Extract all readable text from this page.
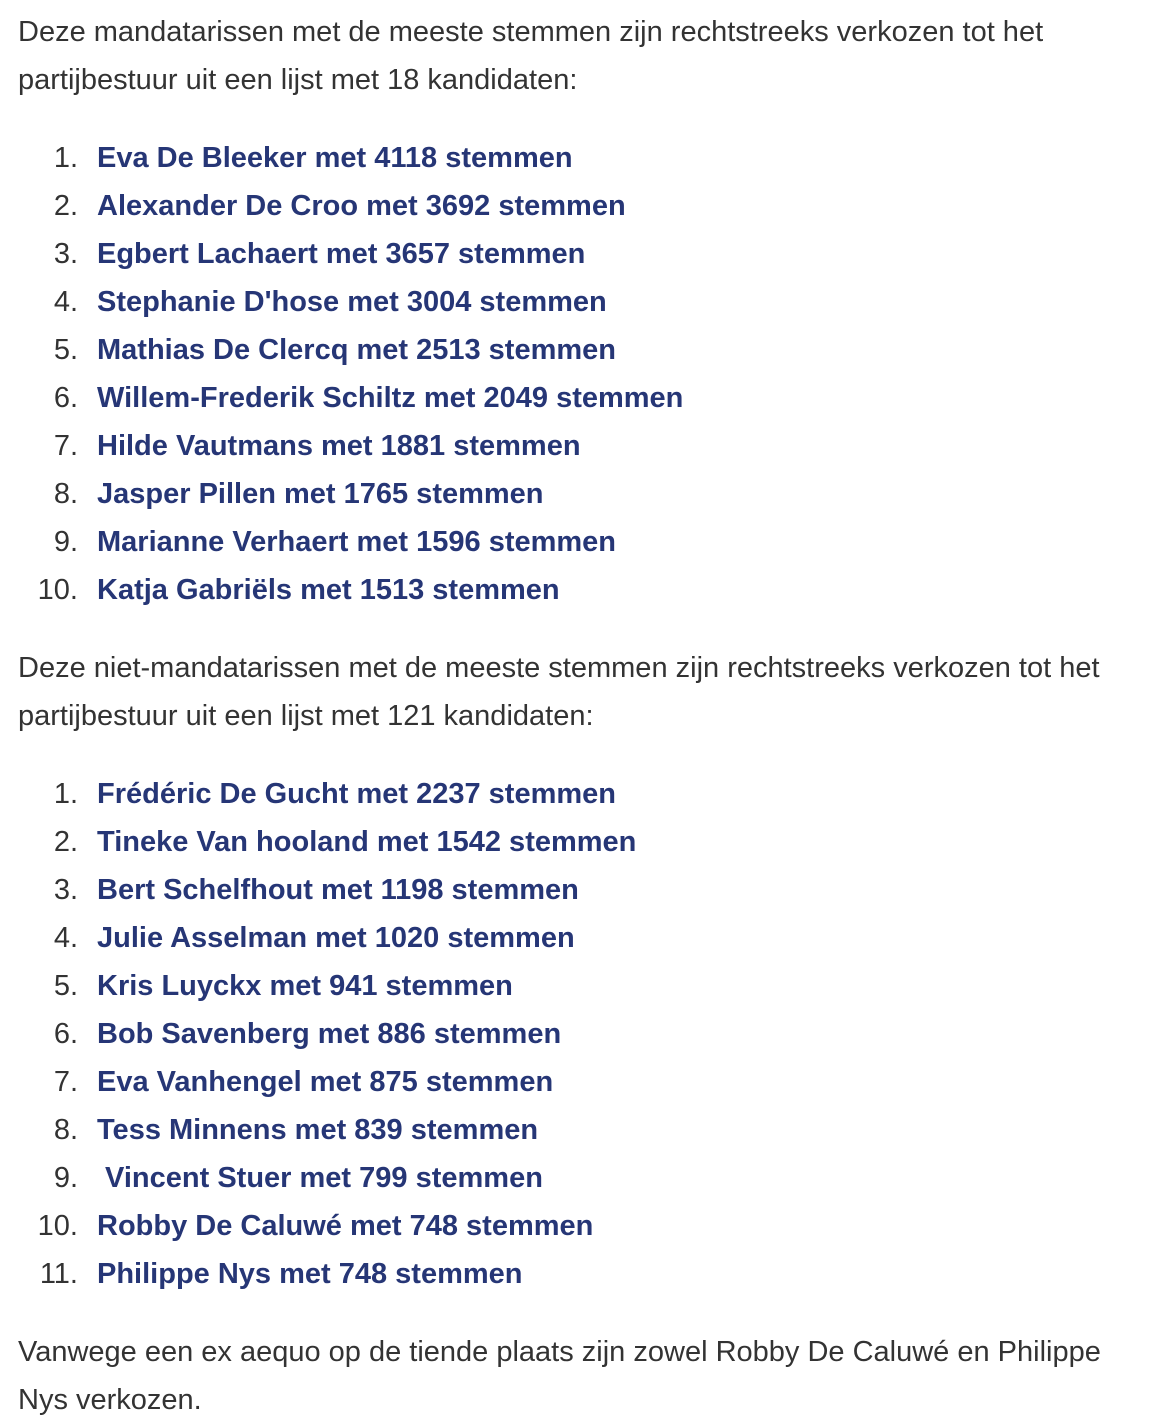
Deze mandatarissen met de meeste stemmen zijn rechtstreeks verkozen tot het partijbestuur uit een lijst met 18 kandidaten:

1. Eva De Bleeker met 4118 stemmen
2. Alexander De Croo met 3692 stemmen
3. Egbert Lachaert met 3657 stemmen
4. Stephanie D'hose met 3004 stemmen
5. Mathias De Clercq met 2513 stemmen
6. Willem-Frederik Schiltz met 2049 stemmen
7. Hilde Vautmans met 1881 stemmen
8. Jasper Pillen met 1765 stemmen
9. Marianne Verhaert met 1596 stemmen
10. Katja Gabriëls met 1513 stemmen

Deze niet-mandatarissen met de meeste stemmen zijn rechtstreeks verkozen tot het partijbestuur uit een lijst met 121 kandidaten:

1. Frédéric De Gucht met 2237 stemmen
2. Tineke Van hooland met 1542 stemmen
3. Bert Schelfhout met 1198 stemmen
4. Julie Asselman met 1020 stemmen
5. Kris Luyckx met 941 stemmen
6. Bob Savenberg met 886 stemmen
7. Eva Vanhengel met 875 stemmen
8. Tess Minnens met 839 stemmen
9. Vincent Stuer met 799 stemmen
10. Robby De Caluwé met 748 stemmen
11. Philippe Nys met 748 stemmen

Vanwege een ex aequo op de tiende plaats zijn zowel Robby De Caluwé en Philippe Nys verkozen.
